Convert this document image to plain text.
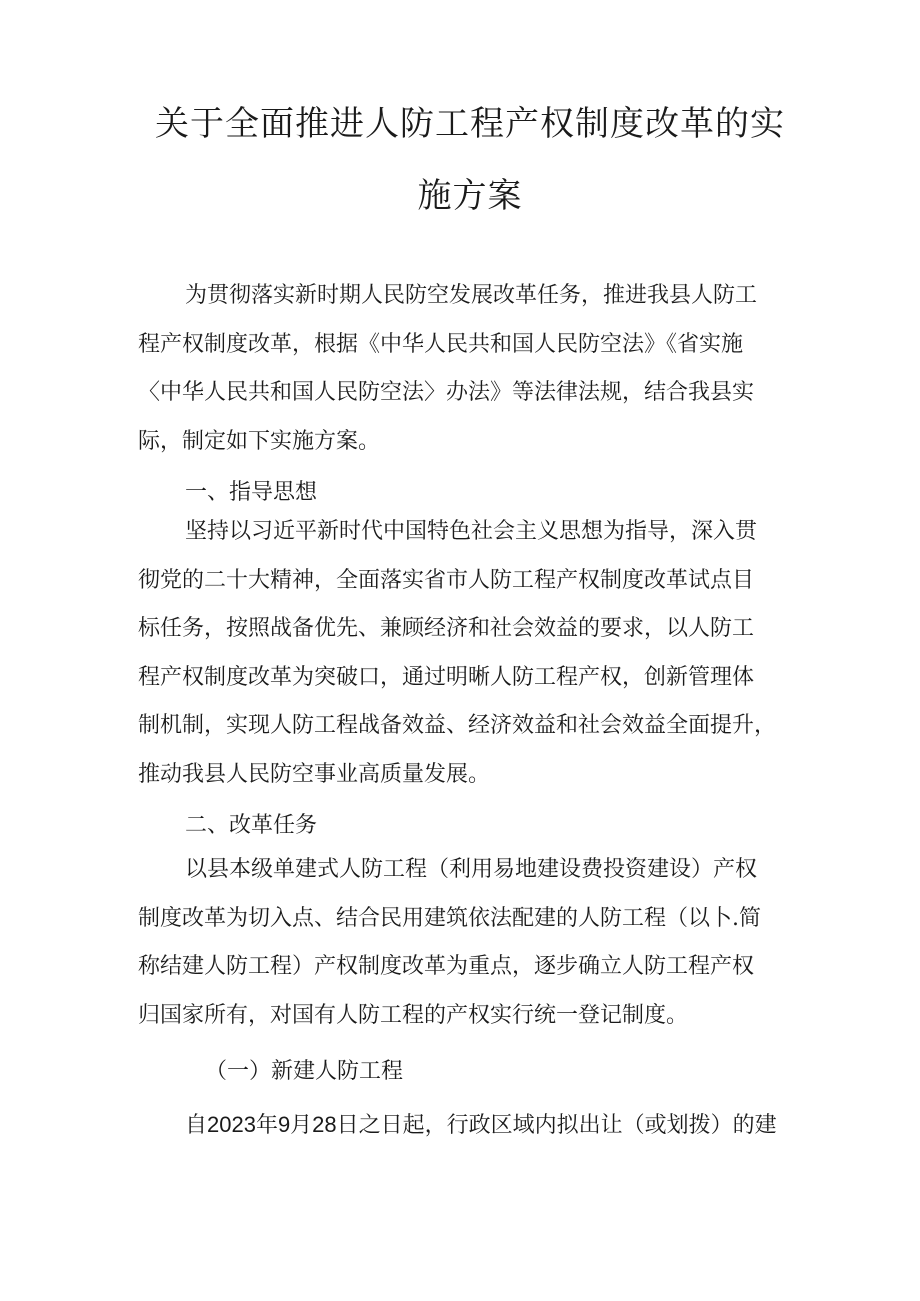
关于全面推进人防工程产权制度改革的实
施方案
为贯彻落实新时期人民防空发展改革任务，推进我县人防工
程产权制度改革，根据《中华人民共和国人民防空法》《省实施
〈中华人民共和国人民防空法〉办法》等法律法规，结合我县实
际，制定如下实施方案。
一、指导思想
坚持以习近平新时代中国特色社会主义思想为指导，深入贯
彻党的二十大精神，全面落实省市人防工程产权制度改革试点目
标任务，按照战备优先、兼顾经济和社会效益的要求，以人防工
程产权制度改革为突破口，通过明晰人防工程产权，创新管理体
制机制，实现人防工程战备效益、经济效益和社会效益全面提升，
推动我县人民防空事业高质量发展。
二、改革任务
以县本级单建式人防工程（利用易地建设费投资建设）产权
制度改革为切入点、结合民用建筑依法配建的人防工程（以卜.简
称结建人防工程）产权制度改革为重点，逐步确立人防工程产权
归国家所有，对国有人防工程的产权实行统一登记制度。
（一）新建人防工程
自2023年9月28日之日起，行政区域内拟出让（或划拨）的建
